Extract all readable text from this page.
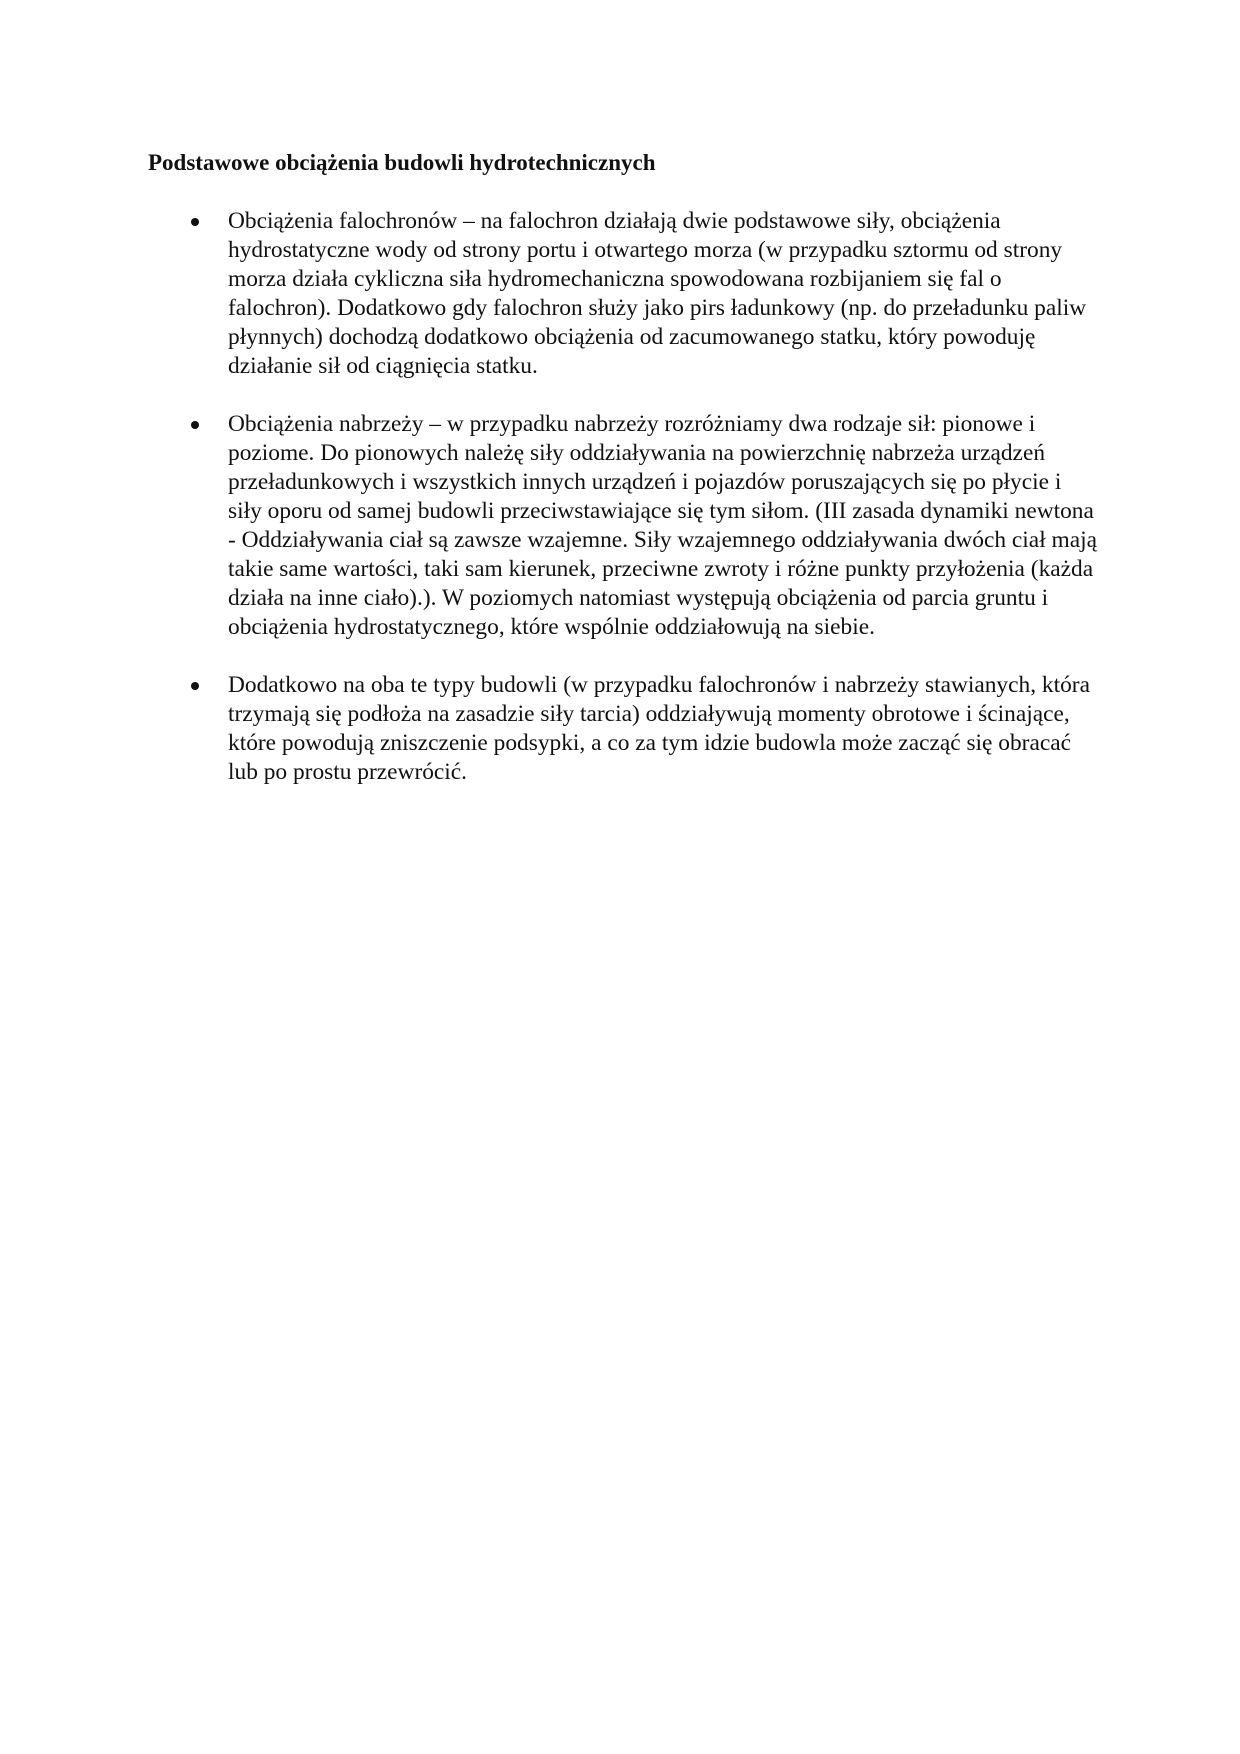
Podstawowe obciążenia budowli hydrotechnicznych

Obciążenia falochronów – na falochron działają dwie podstawowe siły, obciążenia hydrostatyczne wody od strony portu i otwartego morza (w przypadku sztormu od strony morza działa cykliczna siła hydromechaniczna spowodowana rozbijaniem się fal o falochron). Dodatkowo gdy falochron służy jako pirs ładunkowy (np. do przeładunku paliw płynnych) dochodzą dodatkowo obciążenia od zacumowanego statku, który powoduję działanie sił od ciągnięcia statku.

Obciążenia nabrzeży – w przypadku nabrzeży rozróżniamy dwa rodzaje sił: pionowe i poziome. Do pionowych należę siły oddziaływania na powierzchnię nabrzeża urządzeń przeładunkowych i wszystkich innych urządzeń i pojazdów poruszających się po płycie i siły oporu od samej budowli przeciwstawiające się tym siłom. (III zasada dynamiki newtona - Oddziaływania ciał są zawsze wzajemne. Siły wzajemnego oddziaływania dwóch ciał mają takie same wartości, taki sam kierunek, przeciwne zwroty i różne punkty przyłożenia (każda działa na inne ciało).). W poziomych natomiast występują obciążenia od parcia gruntu i obciążenia hydrostatycznego, które wspólnie oddziałowują na siebie.

Dodatkowo na oba te typy budowli (w przypadku falochronów i nabrzeży stawianych, która trzymają się podłoża na zasadzie siły tarcia) oddziaływują momenty obrotowe i ścinające, które powodują zniszczenie podsypki, a co za tym idzie budowla może zacząć się obracać lub po prostu przewrócić.
